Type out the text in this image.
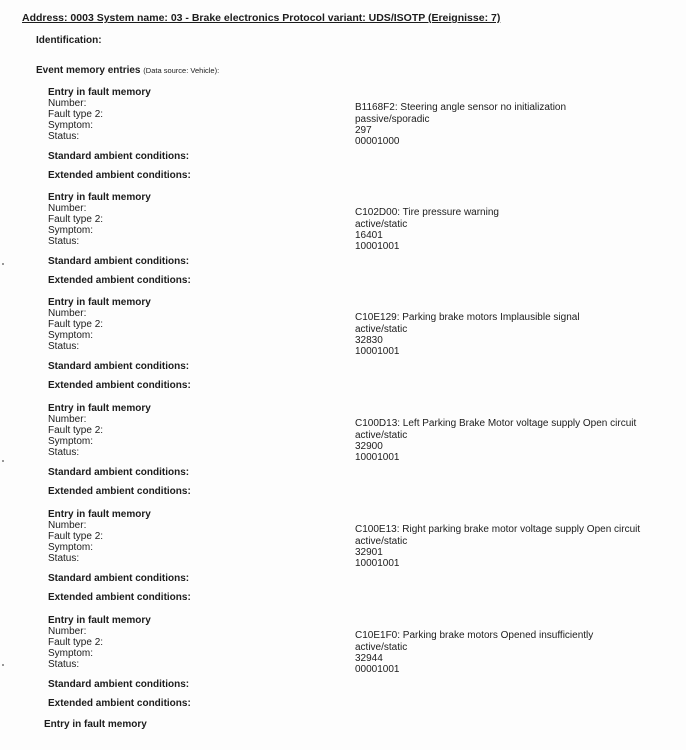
Address: 0003 System name: 03 - Brake electronics Protocol variant: UDS/ISOTP (Ereignisse: 7)
Identification:
Event memory entries (Data source: Vehicle):
Entry in fault memory
Number:
Fault type 2:
Symptom:
Status:
B1168F2: Steering angle sensor no initialization
passive/sporadic
297
00001000
Standard ambient conditions:
Extended ambient conditions:
Entry in fault memory
Number:
Fault type 2:
Symptom:
Status:
C102D00: Tire pressure warning
active/static
16401
10001001
Standard ambient conditions:
Extended ambient conditions:
Entry in fault memory
Number:
Fault type 2:
Symptom:
Status:
C10E129: Parking brake motors Implausible signal
active/static
32830
10001001
Standard ambient conditions:
Extended ambient conditions:
Entry in fault memory
Number:
Fault type 2:
Symptom:
Status:
C100D13: Left Parking Brake Motor voltage supply Open circuit
active/static
32900
10001001
Standard ambient conditions:
Extended ambient conditions:
Entry in fault memory
Number:
Fault type 2:
Symptom:
Status:
C100E13: Right parking brake motor voltage supply Open circuit
active/static
32901
10001001
Standard ambient conditions:
Extended ambient conditions:
Entry in fault memory
Number:
Fault type 2:
Symptom:
Status:
C10E1F0: Parking brake motors Opened insufficiently
active/static
32944
00001001
Standard ambient conditions:
Extended ambient conditions:
Entry in fault memory
